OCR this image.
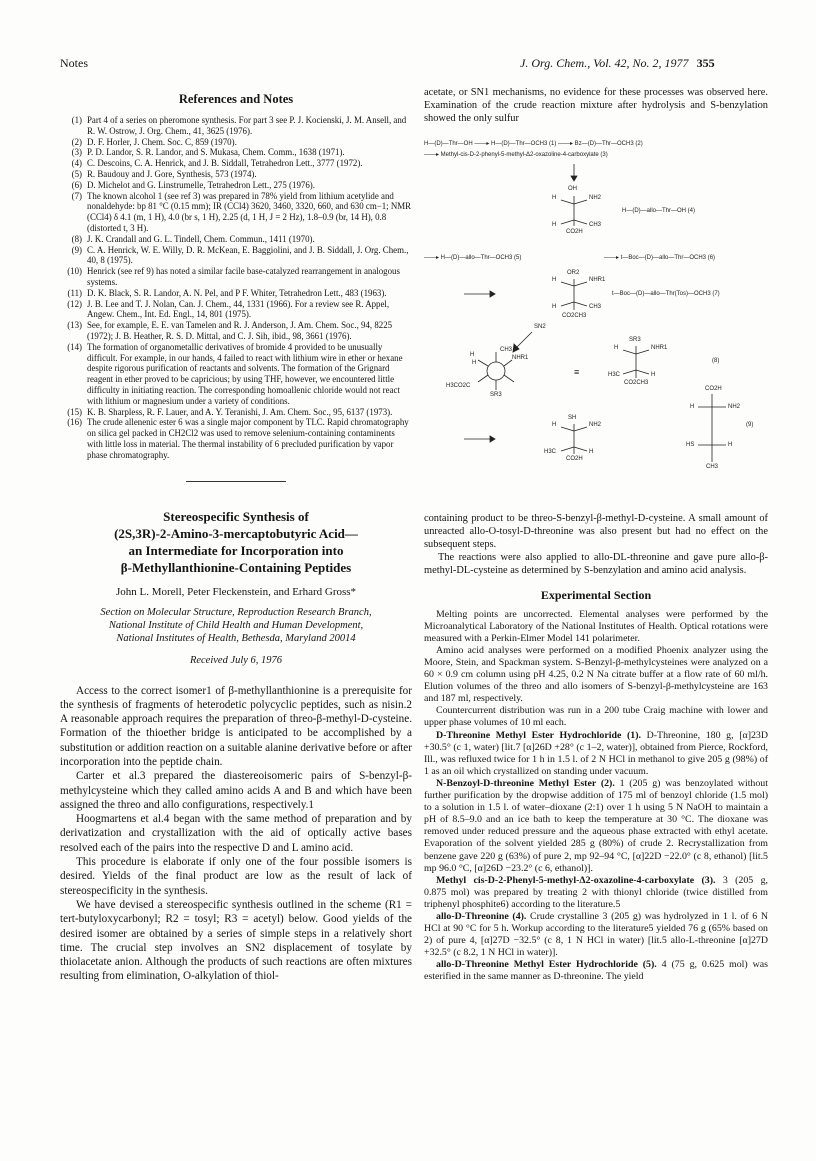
Notes	J. Org. Chem., Vol. 42, No. 2, 1977 355
References and Notes
(1) Part 4 of a series on pheromone synthesis. For part 3 see P. J. Kocienski, J. M. Ansell, and R. W. Ostrow, J. Org. Chem., 41, 3625 (1976).
(2) D. F. Horler, J. Chem. Soc. C, 859 (1970).
(3) P. D. Landor, S. R. Landor, and S. Mukasa, Chem. Comm., 1638 (1971).
(4) C. Descoins, C. A. Henrick, and J. B. Siddall, Tetrahedron Lett., 3777 (1972).
(5) R. Baudouy and J. Gore, Synthesis, 573 (1974).
(6) D. Michelot and G. Linstrumelle, Tetrahedron Lett., 275 (1976).
(7) The known alcohol 1 (see ref 3) was prepared in 78% yield from lithium acetylide and nonaldehyde: bp 81 °C (0.15 mm); IR (CCl4) 3620, 3460, 3320, 660, and 630 cm−1; NMR (CCl4) δ 4.1 (m, 1 H), 4.0 (br s, 1 H), 2.25 (d, 1 H, J = 2 Hz), 1.8–0.9 (br, 14 H), 0.8 (distorted t, 3 H).
(8) J. K. Crandall and G. L. Tindell, Chem. Commun., 1411 (1970).
(9) C. A. Henrick, W. E. Willy, D. R. McKean, E. Baggiolini, and J. B. Siddall, J. Org. Chem., 40, 8 (1975).
(10) Henrick (see ref 9) has noted a similar facile base-catalyzed rearrangement in analogous systems.
(11) D. K. Black, S. R. Landor, A. N. Pel, and P F. Whiter, Tetrahedron Lett., 483 (1963).
(12) J. B. Lee and T. J. Nolan, Can. J. Chem., 44, 1331 (1966). For a review see R. Appel, Angew. Chem., Int. Ed. Engl., 14, 801 (1975).
(13) See, for example, E. E. van Tamelen and R. J. Anderson, J. Am. Chem. Soc., 94, 8225 (1972); J. B. Heather, R. S. D. Mittal, and C. J. Sih, ibid., 98, 3661 (1976).
(14) The formation of organometallic derivatives of bromide 4 provided to be unusually difficult. For example, in our hands, 4 failed to react with lithium wire in ether or hexane despite rigorous purification of reactants and solvents. The formation of the Grignard reagent in ether proved to be capricious; by using THF, however, we encountered little difficulty in initiating reaction. The corresponding homoallenic chloride would not react with lithium or magnesium under a variety of conditions.
(15) K. B. Sharpless, R. F. Lauer, and A. Y. Teranishi, J. Am. Chem. Soc., 95, 6137 (1973).
(16) The crude allenenic ester 6 was a single major component by TLC. Rapid chromatography on silica gel packed in CH2Cl2 was used to remove selenium-containing contaminents with little loss in material. The thermal instability of 6 precluded purification by vapor phase chromatography.
Stereospecific Synthesis of
(2S,3R)-2-Amino-3-mercaptobutyric Acid—
an Intermediate for Incorporation into
β-Methyllanthionine-Containing Peptides
John L. Morell, Peter Fleckenstein, and Erhard Gross*
Section on Molecular Structure, Reproduction Research Branch,
National Institute of Child Health and Human Development,
National Institutes of Health, Bethesda, Maryland 20014
Received July 6, 1976

Access to the correct isomer1 of β-methyllanthionine is a prerequisite for the synthesis of fragments of heterodetic polycyclic peptides, such as nisin.2 A reasonable approach requires the preparation of threo-β-methyl-D-cysteine. Formation of the thioether bridge is anticipated to be accomplished by a substitution or addition reaction on a suitable alanine derivative before or after incorporation into the peptide chain.

Carter et al.3 prepared the diastereoisomeric pairs of S-benzyl-β-methylcysteine which they called amino acids A and B and which have been assigned the threo and allo configurations, respectively.1

Hoogmartens et al.4 began with the same method of preparation and by derivatization and crystallization with the aid of optically active bases resolved each of the pairs into the respective D and L amino acid.

This procedure is elaborate if only one of the four possible isomers is desired. Yields of the final product are low as the result of lack of stereospecificity in the synthesis.

We have devised a stereospecific synthesis outlined in the scheme (R1 = tert-butyloxycarbonyl; R2 = tosyl; R3 = acetyl) below. Good yields of the desired isomer are obtained by a series of simple steps in a relatively short time. The crucial step involves an SN2 displacement of tosylate by thiolacetate anion. Although the products of such reactions are often mixtures resulting from elimination, O-alkylation of thiol-

acetate, or SN1 mechanisms, no evidence for these processes was observed here. Examination of the crude reaction mixture after hydrolysis and S-benzylation showed the only sulfur

H—(D)—Thr—OH ——▸ H—(D)—Thr—OCH3 (1) ——▸ Bz—(D)—Thr—OCH3 (2)
——▸ Methyl-cis-D-2-phenyl-5-methyl-Δ2-oxazoline-4-carboxylate (3)
OH
H	NH2
H	CH3
CO2H
H—(D)—allo—Thr—OH (4)
——▸ H—(D)—allo—Thr—OCH3 (5)	——▸ t—Boc—(D)—allo—Thr—OCH3 (6)
OR2
H	NHR1
H	CH3
CO2CH3
t—Boc—(D)—allo—Thr(Tos)—OCH3 (7)
SN2
H
CH3
NHR1
H
H3CO2C
SR3
≡
SR3
H	NHR1
H3C	H
CO2CH3
(8)
SH
H	NH2
H3C	H
CO2H
CO2H
H	NH2
HS	H
CH3
(9)

containing product to be threo-S-benzyl-β-methyl-D-cysteine. A small amount of unreacted allo-O-tosyl-D-threonine was also present but had no effect on the subsequent steps.

The reactions were also applied to allo-DL-threonine and gave pure allo-β-methyl-DL-cysteine as determined by S-benzylation and amino acid analysis.

Experimental Section

Melting points are uncorrected. Elemental analyses were performed by the Microanalytical Laboratory of the National Institutes of Health. Optical rotations were measured with a Perkin-Elmer Model 141 polarimeter.

Amino acid analyses were performed on a modified Phoenix analyzer using the Moore, Stein, and Spackman system. S-Benzyl-β-methylcysteines were analyzed on a 60 × 0.9 cm column using pH 4.25, 0.2 N Na citrate buffer at a flow rate of 60 ml/h. Elution volumes of the threo and allo isomers of S-benzyl-β-methylcysteine are 163 and 187 ml, respectively.

Countercurrent distribution was run in a 200 tube Craig machine with lower and upper phase volumes of 10 ml each.

D-Threonine Methyl Ester Hydrochloride (1). D-Threonine, 180 g, [α]23D +30.5° (c 1, water) [lit.7 [α]26D +28° (c 1–2, water)], obtained from Pierce, Rockford, Ill., was refluxed twice for 1 h in 1.5 l. of 2 N HCl in methanol to give 205 g (98%) of 1 as an oil which crystallized on standing under vacuum.

N-Benzoyl-D-threonine Methyl Ester (2). 1 (205 g) was benzoylated without further purification by the dropwise addition of 175 ml of benzoyl chloride (1.5 mol) to a solution in 1.5 l. of water–dioxane (2:1) over 1 h using 5 N NaOH to maintain a pH of 8.5–9.0 and an ice bath to keep the temperature at 30 °C. The dioxane was removed under reduced pressure and the aqueous phase extracted with ethyl acetate. Evaporation of the solvent yielded 285 g (80%) of crude 2. Recrystallization from benzene gave 220 g (63%) of pure 2, mp 92–94 °C, [α]22D −22.0° (c 8, ethanol) [lit.5 mp 96.0 °C, [α]26D −23.2° (c 6, ethanol)].

Methyl cis-D-2-Phenyl-5-methyl-Δ2-oxazoline-4-carboxylate (3). 3 (205 g, 0.875 mol) was prepared by treating 2 with thionyl chloride (twice distilled from triphenyl phosphite6) according to the literature.5

allo-D-Threonine (4). Crude crystalline 3 (205 g) was hydrolyzed in 1 l. of 6 N HCl at 90 °C for 5 h. Workup according to the literature5 yielded 76 g (65% based on 2) of pure 4, [α]27D −32.5° (c 8, 1 N HCl in water) [lit.5 allo-L-threonine [α]27D +32.5° (c 8.2, 1 N HCl in water)].

allo-D-Threonine Methyl Ester Hydrochloride (5). 4 (75 g, 0.625 mol) was esterified in the same manner as D-threonine. The yield
